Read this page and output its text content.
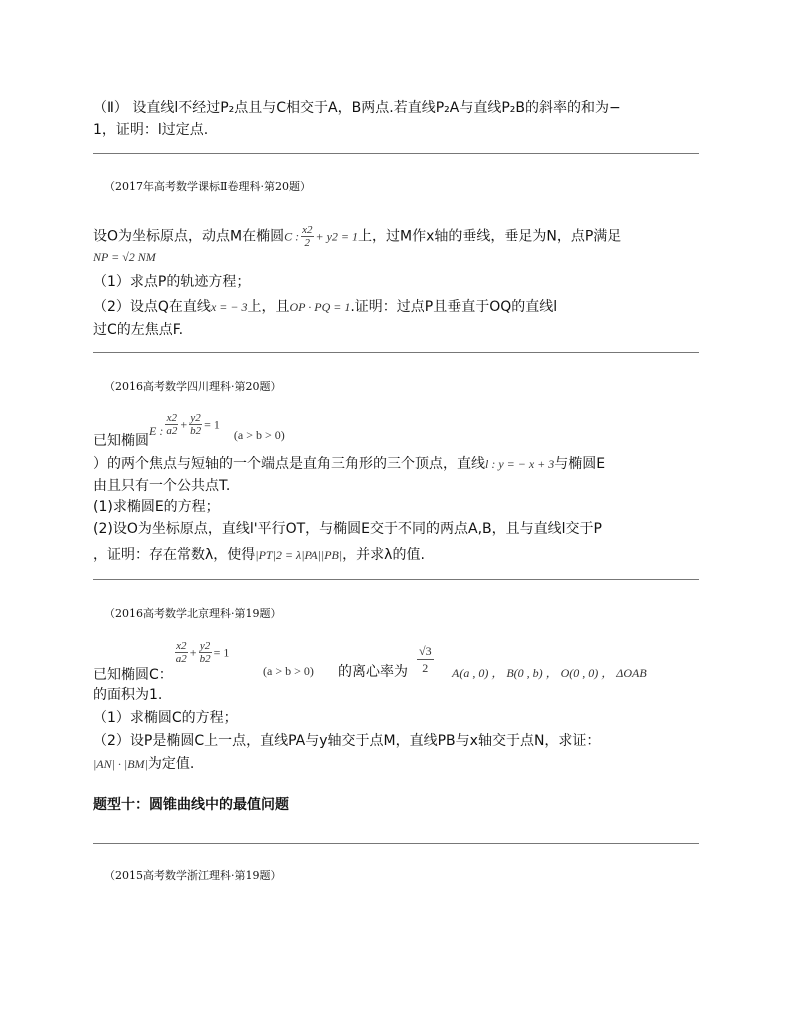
（Ⅱ） 设直线l不经过P₂点且与C相交于A，B两点.若直线P₂A与直线P₂B的斜率的和为−
1，证明：l过定点.
（2017年高考数学课标Ⅱ卷理科·第20题）
设O为坐标原点，动点M在椭圆C : $\frac{x2}{2} + y2 = 1$上，过M作x轴的垂线，垂足为N，点P满足
NP = √2 NM
（1）求点P的轨迹方程；
（2）设点Q在直线x = − 3上，且OP · PQ = 1.证明：过点P且垂直于OQ的直线l
过C的左焦点F.
（2016高考数学四川理科·第20题）
已知椭圆E : $\frac{x2}{a2} + \frac{y2}{b2} = 1(a > b > 0)$
）的两个焦点与短轴的一个端点是直角三角形的三个顶点，直线l : y = − x + 3与椭圆E
由且只有一个公共点T.
(1)求椭圆E的方程；
(2)设O为坐标原点，直线l'平行OT，与椭圆E交于不同的两点A,B，且与直线l交于P
，证明：存在常数λ，使得|PT|2 = λ|PA||PB|，并求λ的值.
（2016高考数学北京理科·第19题）
已知椭圆C：
$\frac{x2}{a2} + \frac{y2}{b2} = 1$
(a > b > 0) 的离心率为
√3
2	A(a , 0) ， B(0 , b) ， O(0 , 0) ， ΔOAB
的面积为1.
（1）求椭圆C的方程；
（2）设P是椭圆C上一点，直线PA与y轴交于点M，直线PB与x轴交于点N，求证：
|AN| · |BM|为定值.
题型十：圆锥曲线中的最值问题
（2015高考数学浙江理科·第19题）
